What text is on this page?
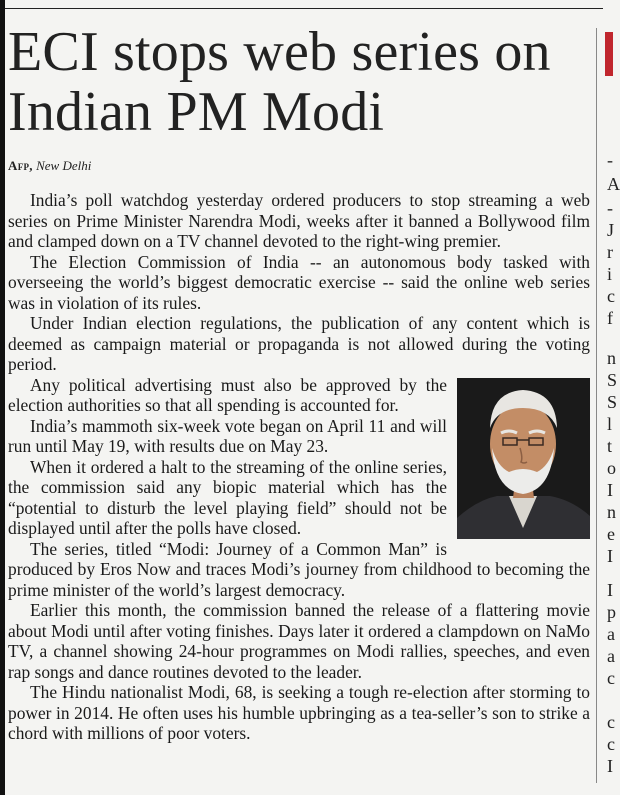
-
A
-
J
r
i
c
f
n
S
S
l
t
o
I
n
e
I
I
p
a
a
c
c
c
I
ECI stops web series on Indian PM Modi
Afp, New Delhi

India’s poll watchdog yesterday ordered producers to stop streaming a web series on Prime Minister Narendra Modi, weeks after it banned a Bollywood film and clamped down on a TV channel devoted to the right-wing premier.

The Election Commission of India -- an autonomous body tasked with overseeing the world’s biggest democratic exercise -- said the online web series was in violation of its rules.

Under Indian election regulations, the publication of any content which is deemed as campaign material or propaganda is not allowed during the voting period.

Any political advertising must also be approved by the election authorities so that all spending is accounted for.

India’s mammoth six-week vote began on April 11 and will run until May 19, with results due on May 23.

When it ordered a halt to the streaming of the online series, the commission said any biopic material which has the “potential to disturb the level playing field” should not be displayed until after the polls have closed.

The series, titled “Modi: Journey of a Common Man” is produced by Eros Now and traces Modi’s journey from childhood to becoming the prime minister of the world’s largest democracy.

Earlier this month, the commission banned the release of a flattering movie about Modi until after voting finishes. Days later it ordered a clampdown on NaMo TV, a channel showing 24-hour programmes on Modi rallies, speeches, and even rap songs and dance routines devoted to the leader.

The Hindu nationalist Modi, 68, is seeking a tough re-election after storming to power in 2014. He often uses his humble upbringing as a tea-seller’s son to strike a chord with millions of poor voters.
